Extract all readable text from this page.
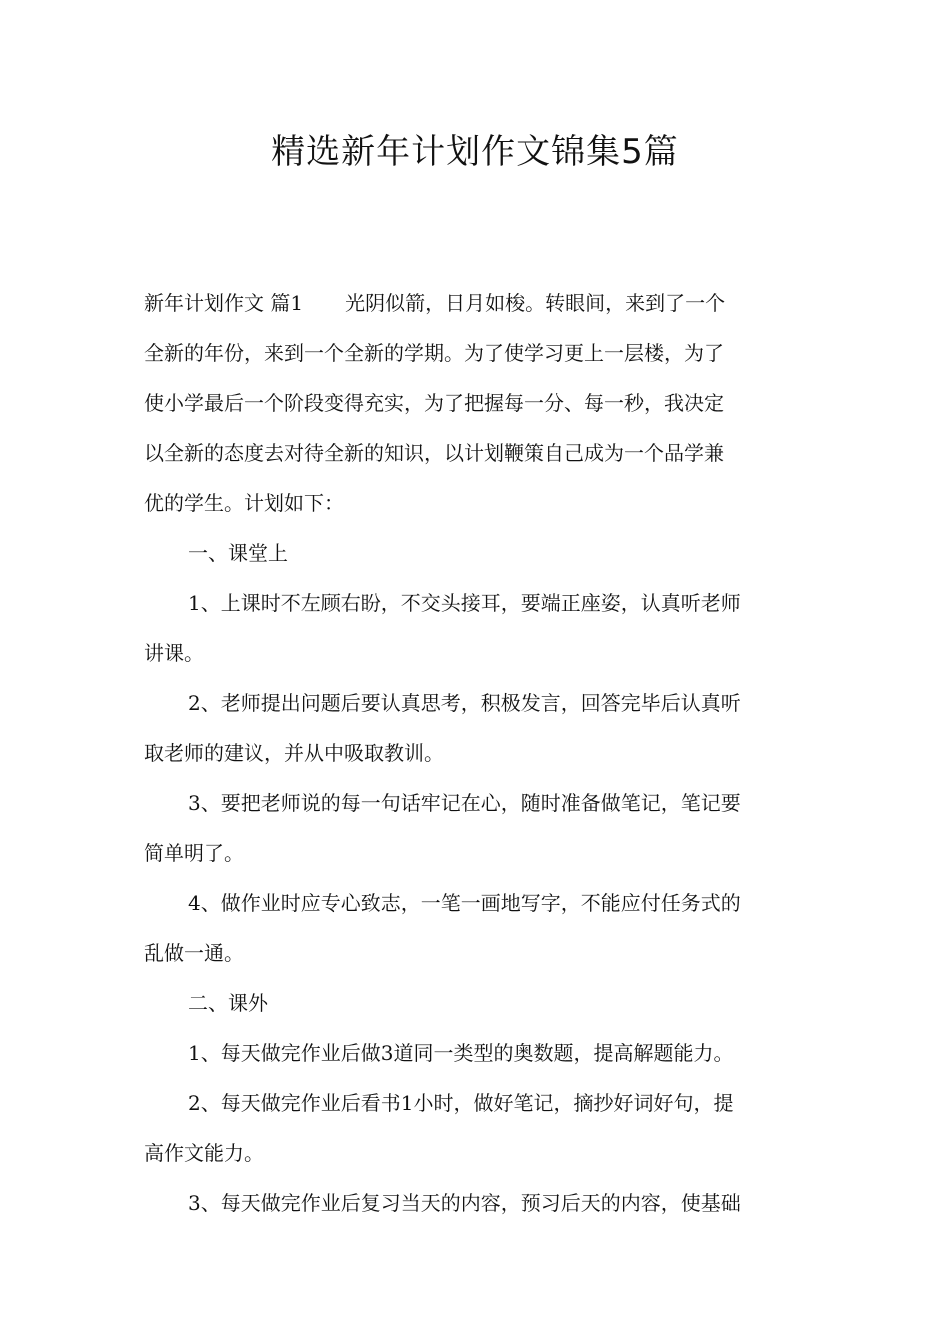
精选新年计划作文锦集5篇
新年计划作文 篇1 光阴似箭，日月如梭。转眼间，来到了一个
全新的年份，来到一个全新的学期。为了使学习更上一层楼，为了
使小学最后一个阶段变得充实，为了把握每一分、每一秒，我决定
以全新的态度去对待全新的知识，以计划鞭策自己成为一个品学兼
优的学生。计划如下：
一、课堂上
1、上课时不左顾右盼，不交头接耳，要端正座姿，认真听老师
讲课。
2、老师提出问题后要认真思考，积极发言，回答完毕后认真听
取老师的建议，并从中吸取教训。
3、要把老师说的每一句话牢记在心，随时准备做笔记，笔记要
简单明了。
4、做作业时应专心致志，一笔一画地写字，不能应付任务式的
乱做一通。
二、课外
1、每天做完作业后做3道同一类型的奥数题，提高解题能力。
2、每天做完作业后看书1小时，做好笔记，摘抄好词好句，提
高作文能力。
3、每天做完作业后复习当天的内容，预习后天的内容，使基础
